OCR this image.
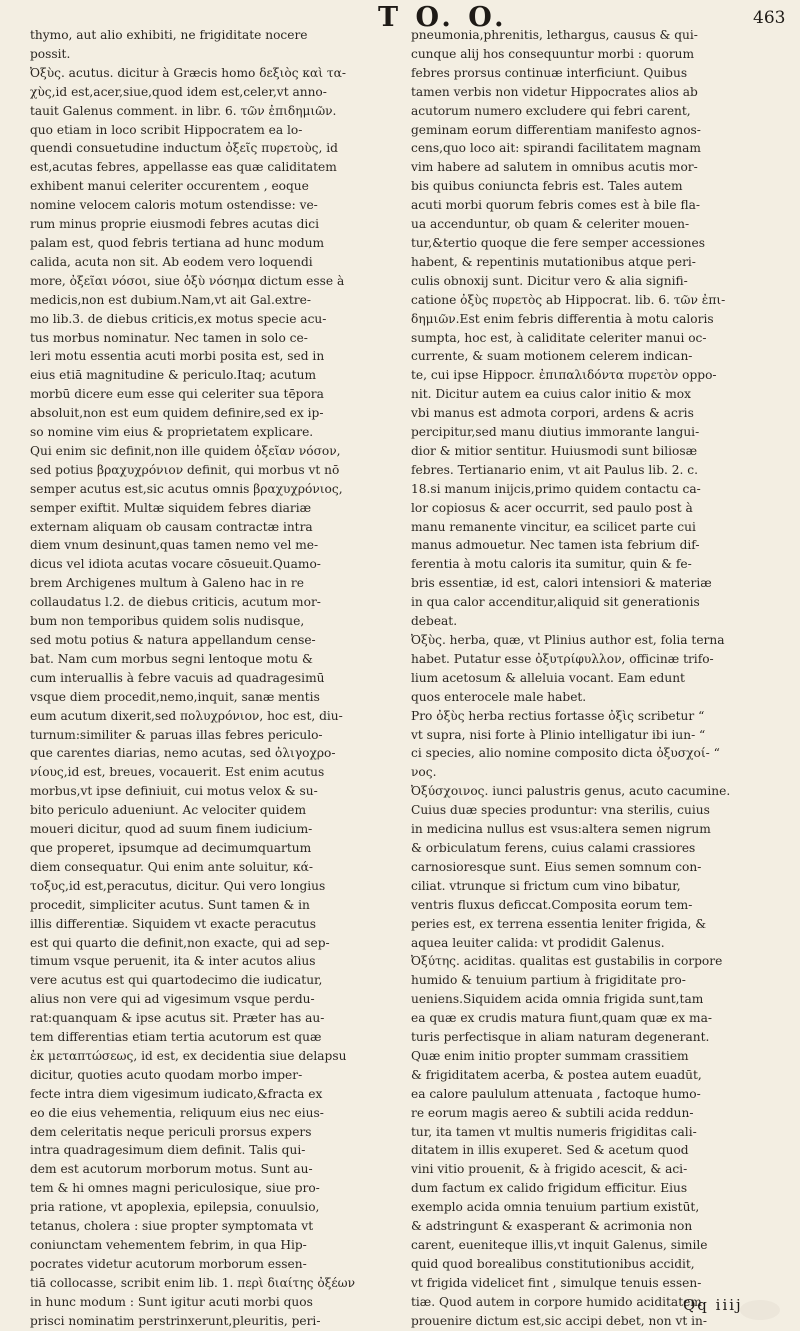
T O. O.	463
thymo, aut alio exhibiti, ne frigiditate nocere
possit.
Ὀξὺς. acutus. dicitur à Græcis homo δεξιὸς καὶ τα-
χὺς,id est,acer,siue,quod idem est,celer,vt anno-
tauit Galenus comment. in libr. 6. τῶν ἐπιδημιῶν.
quo etiam in loco scribit Hippocratem ea lo-
quendi consuetudine inductum ὀξεῖς πυρετοὺς, id
est,acutas febres, appellasse eas quæ caliditatem
exhibent manui celeriter occurentem , eoque
nomine velocem caloris motum ostendisse: ve-
rum minus proprie eiusmodi febres acutas dici
palam est, quod febris tertiana ad hunc modum
calida, acuta non sit. Ab eodem vero loquendi
more, ὀξεῖαι νόσοι, siue ὀξὺ νόσημα dictum esse à
medicis,non est dubium.Nam,vt ait Gal.extre-
mo lib.3. de diebus criticis,ex motus specie acu-
tus morbus nominatur. Nec tamen in solo ce-
leri motu essentia acuti morbi posita est, sed in
eius etiā magnitudine & periculo.Itaq; acutum
morbū dicere eum esse qui celeriter sua tēpora
absoluit,non est eum quidem definire,sed ex ip-
so nomine vim eius & proprietatem explicare.
Qui enim sic definit,non ille quidem ὀξεῖαν νόσον,
sed potius βραχυχρόνιον definit, qui morbus vt nō
semper acutus est,sic acutus omnis βραχυχρόνιος,
semper exiftit. Multæ siquidem febres diariæ
externam aliquam ob causam contractæ intra
diem vnum desinunt,quas tamen nemo vel me-
dicus vel idiota acutas vocare cōsueuit.Quamo-
brem Archigenes multum à Galeno hac in re
collaudatus l.2. de diebus criticis, acutum mor-
bum non temporibus quidem solis nudisque,
sed motu potius & natura appellandum cense-
bat. Nam cum morbus segni lentoque motu &
cum interuallis à febre vacuis ad quadragesimū
vsque diem procedit,nemo,inquit, sanæ mentis
eum acutum dixerit,sed πολυχρόνιον, hoc est, diu-
turnum:similiter & paruas illas febres periculo-
que carentes diarias, nemo acutas, sed ὀλιγοχρο-
νίους,id est, breues, vocauerit. Est enim acutus
morbus,vt ipse definiuit, cui motus velox & su-
bito periculo adueniunt. Ac velociter quidem
moueri dicitur, quod ad suum finem iudicium-
que properet, ipsumque ad decimumquartum
diem consequatur. Qui enim ante soluitur, κά-
τοξυς,id est,peracutus, dicitur. Qui vero longius
procedit, simpliciter acutus. Sunt tamen & in
illis differentiæ. Siquidem vt exacte peracutus
est qui quarto die definit,non exacte, qui ad sep-
timum vsque peruenit, ita & inter acutos alius
vere acutus est qui quartodecimo die iudicatur,
alius non vere qui ad vigesimum vsque perdu-
rat:quanquam & ipse acutus sit. Præter has au-
tem differentias etiam tertia acutorum est quæ
ἐκ μεταπτώσεως, id est, ex decidentia siue delapsu
dicitur, quoties acuto quodam morbo imper-
fecte intra diem vigesimum iudicato,&fracta ex
eo die eius vehementia, reliquum eius nec eius-
dem celeritatis neque periculi prorsus expers
intra quadragesimum diem definit. Talis qui-
dem est acutorum morborum motus. Sunt au-
tem & hi omnes magni periculosique, siue pro-
pria ratione, vt apoplexia, epilepsia, conuulsio,
tetanus, cholera : siue propter symptomata vt
coniunctam vehementem febrim, in qua Hip-
pocrates videtur acutorum morborum essen-
tiā collocasse, scribit enim lib. 1. περὶ διαίτης ὀξέων
in hunc modum : Sunt igitur acuti morbi quos
prisci nominatim perstrinxerunt,pleuritis, peri-
pneumonia,phrenitis, lethargus, causus & qui-
cunque alij hos consequuntur morbi : quorum
febres prorsus continuæ interficiunt. Quibus
tamen verbis non videtur Hippocrates alios ab
acutorum numero excludere qui febri carent,
geminam eorum differentiam manifesto agnos-
cens,quo loco ait: spirandi facilitatem magnam
vim habere ad salutem in omnibus acutis mor-
bis quibus coniuncta febris est. Tales autem
acuti morbi quorum febris comes est à bile fla-
ua accenduntur, ob quam & celeriter mouen-
tur,&tertio quoque die fere semper accessiones
habent, & repentinis mutationibus atque peri-
culis obnoxij sunt. Dicitur vero & alia signifi-
catione ὀξὺς πυρετὸς ab Hippocrat. lib. 6. τῶν ἐπι-
δημιῶν.Est enim febris differentia à motu caloris
sumpta, hoc est, à caliditate celeriter manui oc-
currente, & suam motionem celerem indican-
te, cui ipse Hippocr. ἐπιπαλιδόντα πυρετὸν oppo-
nit. Dicitur autem ea cuius calor initio & mox
vbi manus est admota corpori, ardens & acris
percipitur,sed manu diutius immorante langui-
dior & mitior sentitur. Huiusmodi sunt biliosæ
febres. Tertianario enim, vt ait Paulus lib. 2. c.
18.si manum inijcis,primo quidem contactu ca-
lor copiosus & acer occurrit, sed paulo post à
manu remanente vincitur, ea scilicet parte cui
manus admouetur. Nec tamen ista febrium dif-
ferentia à motu caloris ita sumitur, quin & fe-
bris essentiæ, id est, calori intensiori & materiæ
in qua calor accenditur,aliquid sit generationis
debeat.
Ὀξὺς. herba, quæ, vt Plinius author est, folia terna
habet. Putatur esse ὀξυτρίφυλλον, officinæ trifo-
lium acetosum & alleluia vocant. Eam edunt
quos enterocele male habet.
Pro ὀξὺς herba rectius fortasse ὀξὶς scribetur “
vt supra, nisi forte à Plinio intelligatur ibi iun- “
ci species, alio nomine composito dicta ὀξυσχοί- “
νος.
Ὀξύσχοινος. iunci palustris genus, acuto cacumine.
Cuius duæ species produntur: vna sterilis, cuius
in medicina nullus est vsus:altera semen nigrum
& orbiculatum ferens, cuius calami crassiores
carnosioresque sunt. Eius semen somnum con-
ciliat. vtrunque si frictum cum vino bibatur,
ventris fluxus deficcat.Composita eorum tem-
peries est, ex terrena essentia leniter frigida, &
aquea leuiter calida: vt prodidit Galenus.
Ὀξύτης. aciditas. qualitas est gustabilis in corpore
humido & tenuium partium à frigiditate pro-
ueniens.Siquidem acida omnia frigida sunt,tam
ea quæ ex crudis matura fiunt,quam quæ ex ma-
turis perfectisque in aliam naturam degenerant.
Quæ enim initio propter summam crassitiem
& frigiditatem acerba, & postea autem euadūt,
ea calore paululum attenuata , factoque humo-
re eorum magis aereo & subtili acida reddun-
tur, ita tamen vt multis numeris frigiditas cali-
ditatem in illis exuperet. Sed & acetum quod
vini vitio prouenit, & à frigido acescit, & aci-
dum factum ex calido frigidum efficitur. Eius
exemplo acida omnia tenuium partium existūt,
& adstringunt & exasperant & acrimonia non
carent, eueniteque illis,vt inquit Galenus, simile
quid quod borealibus constitutionibus accidit,
vt frigida videlicet fint , simulque tenuis essen-
tiæ. Quod autem in corpore humido aciditatem
prouenire dictum est,sic accipi debet, non vt in-
Qq iiij
